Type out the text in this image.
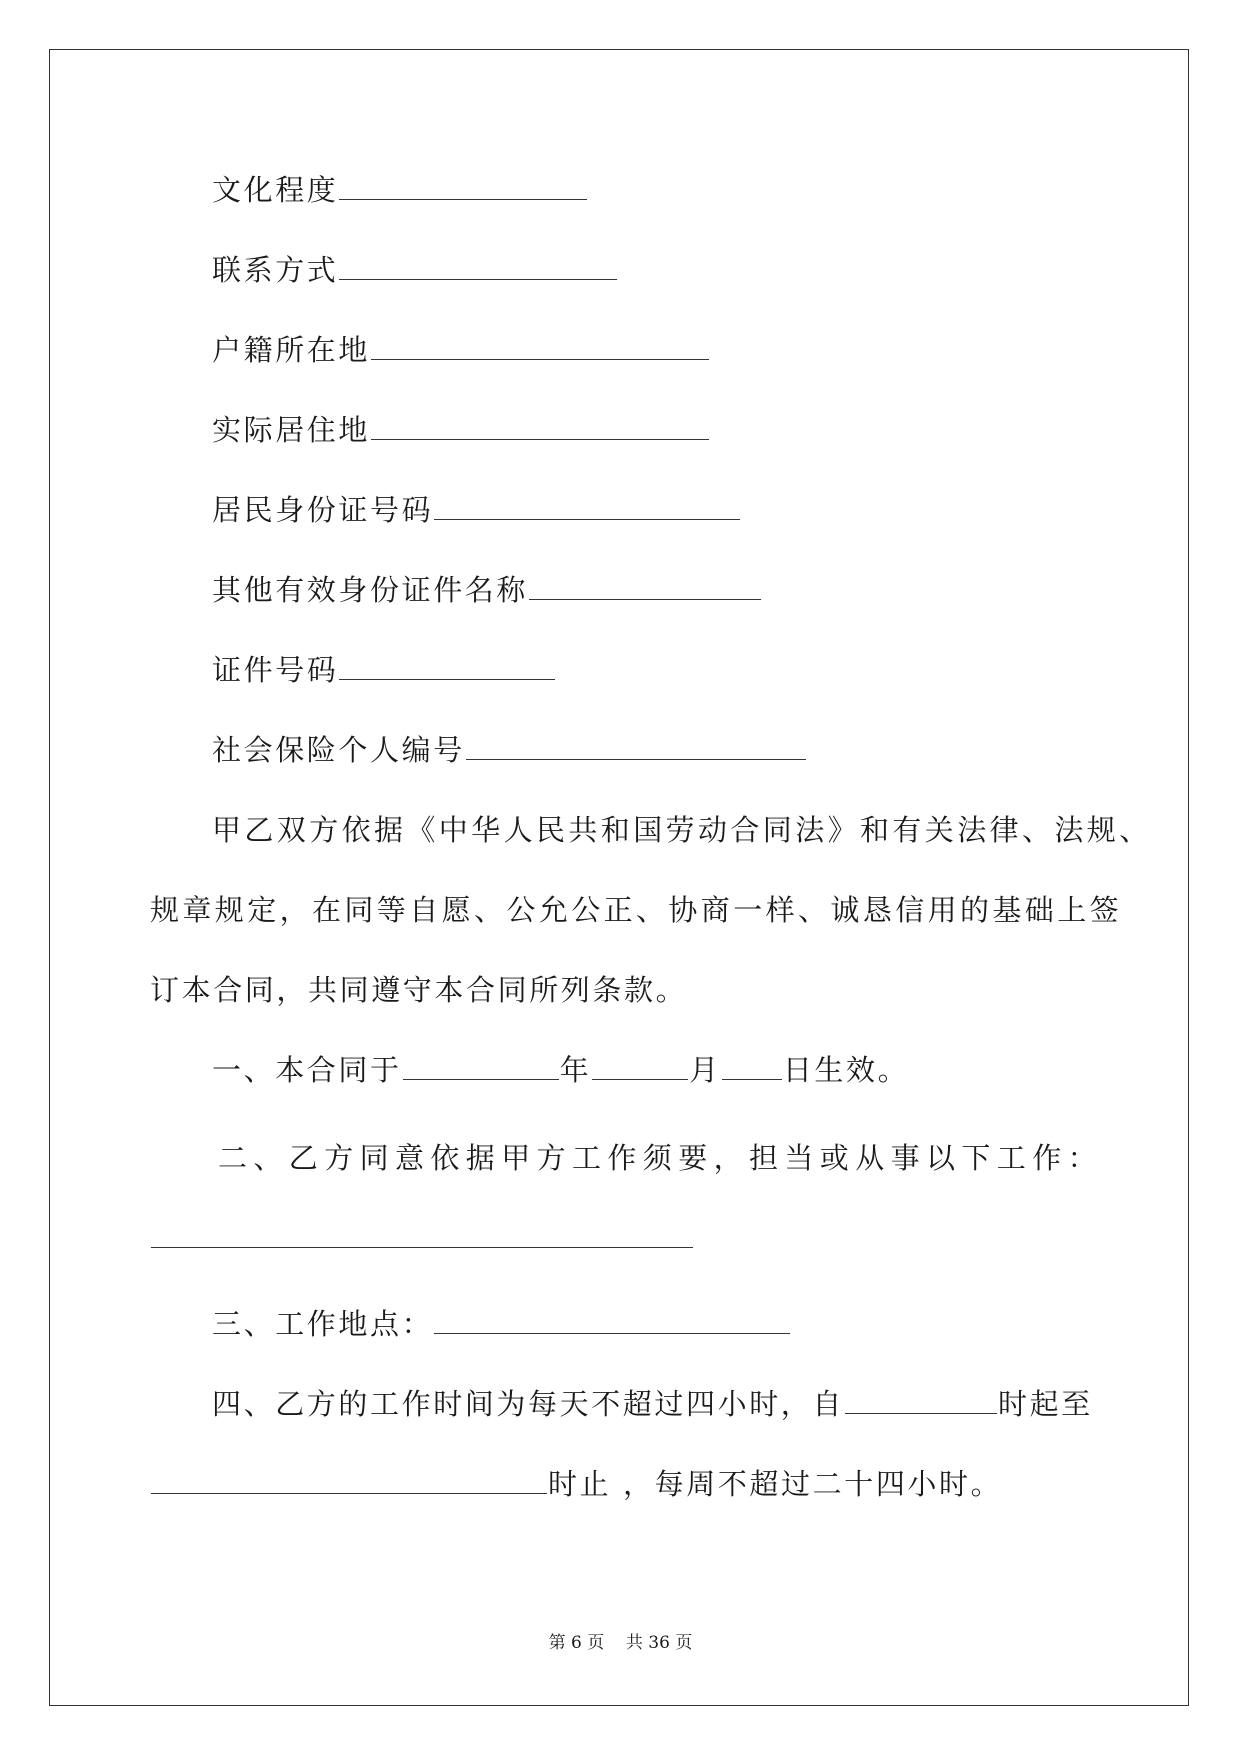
文化程度
联系方式
户籍所在地
实际居住地
居民身份证号码
其他有效身份证件名称
证件号码
社会保险个人编号
甲乙双方依据《中华人民共和国劳动合同法》和有关法律、法规、
规章规定，在同等自愿、公允公正、协商一样、诚恳信用的基础上签
订本合同，共同遵守本合同所列条款。
一、本合同于	年	月 日生效。
二、乙方同意依据甲方工作须要，担当或从事以下工作：
三、工作地点：
四、乙方的工作时间为每天不超过四小时，自	时起至
时止 ，每周不超过二十四小时。
第 6 页 共 36 页
